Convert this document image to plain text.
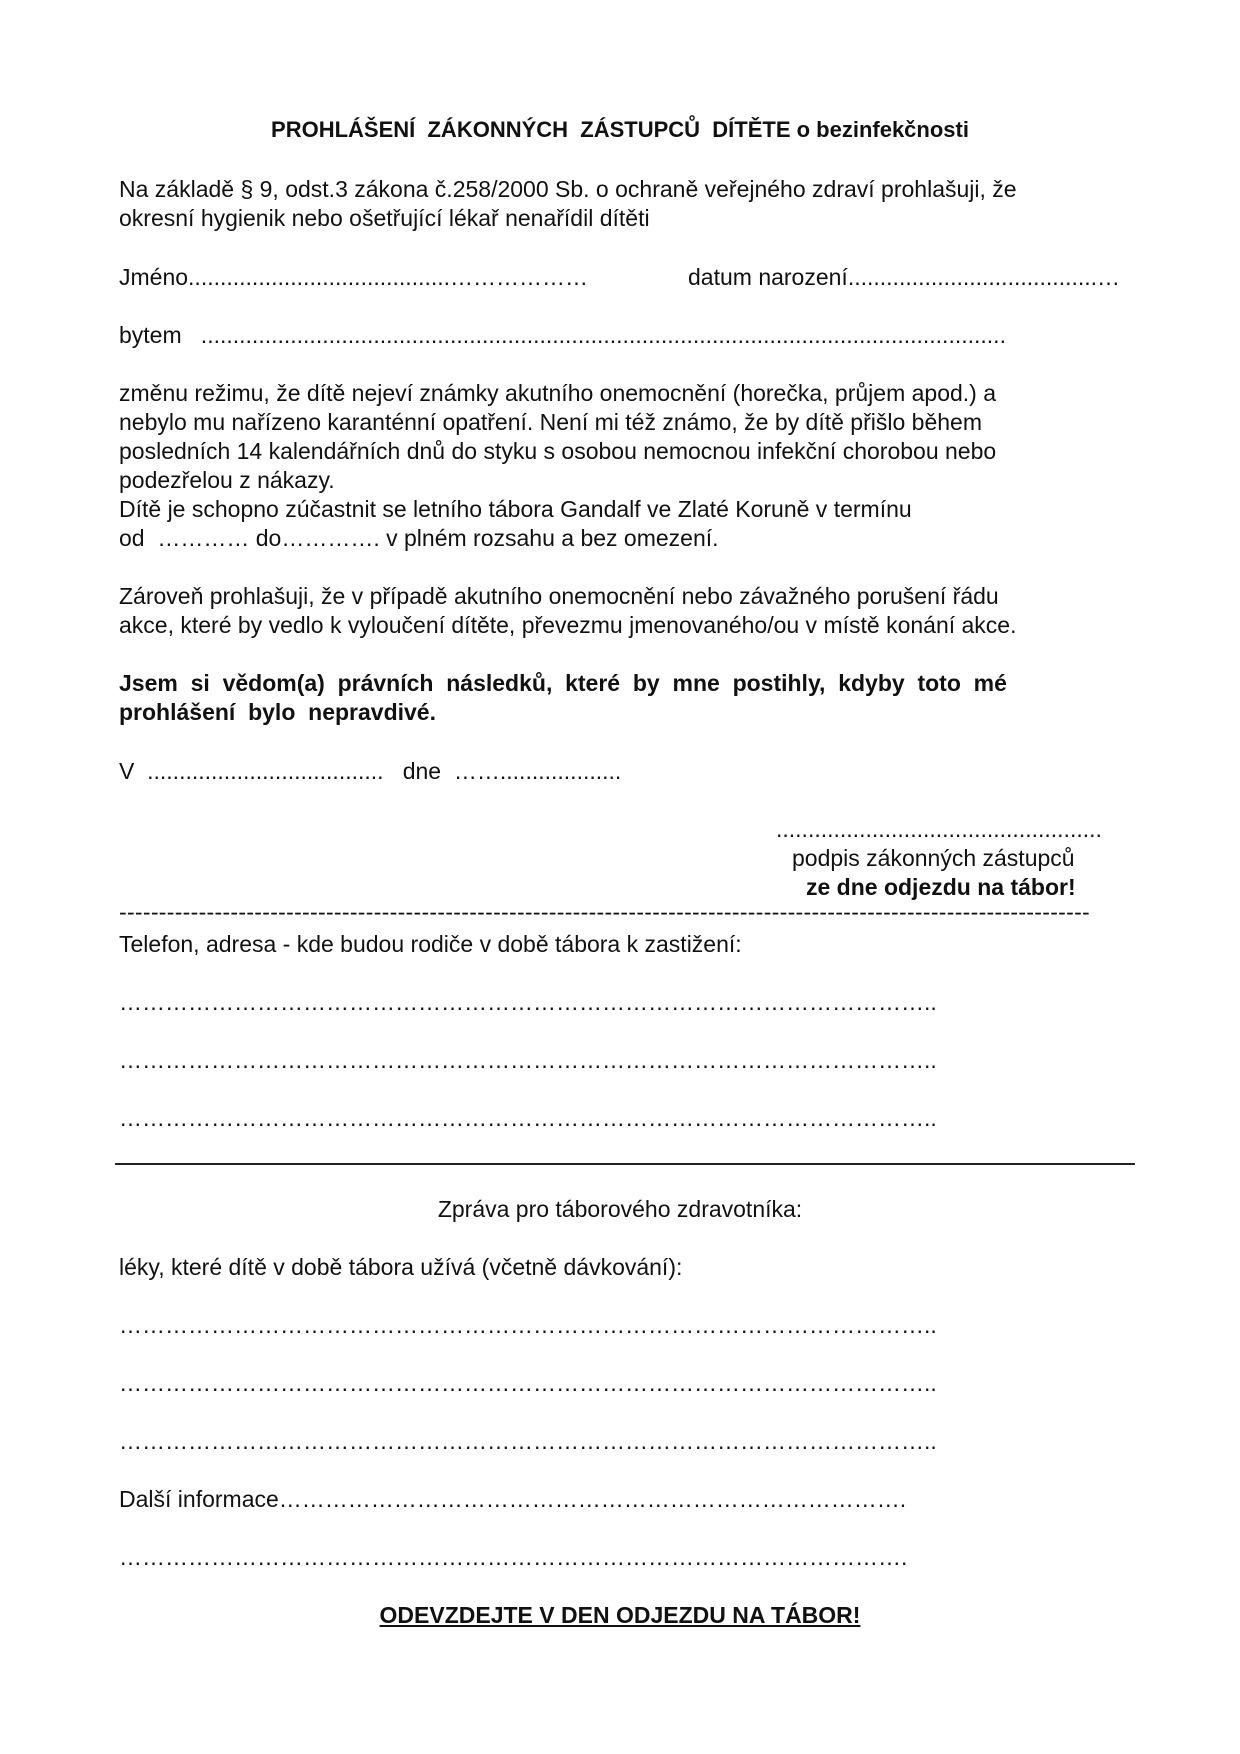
PROHLÁŠENÍ  ZÁKONNÝCH  ZÁSTUPCŮ  DÍTĚTE o bezinfekčnosti

Na základě § 9, odst.3 zákona č.258/2000 Sb. o ochraně veřejného zdraví prohlašuji, že

okresní hygienik nebo ošetřující lékař nenařídil dítěti

Jméno.........................................………………	datum narození.......................................…

bytem   ..............................................................................................................................

změnu režimu, že dítě nejeví známky akutního onemocnění (horečka, průjem apod.) a

nebylo mu nařízeno karanténní opatření. Není mi též známo, že by dítě přišlo během

posledních 14 kalendářních dnů do styku s osobou nemocnou infekční chorobou nebo

podezřelou z nákazy.

Dítě je schopno zúčastnit se letního tábora Gandalf ve Zlaté Koruně v termínu

od  ………… do…………. v plném rozsahu a bez omezení.

Zároveň prohlašuji, že v případě akutního onemocnění nebo závažného porušení řádu

akce, které by vedlo k vyloučení dítěte, převezmu jmenovaného/ou v místě konání akce.

Jsem  si  vědom(a)  právních  následků,  které  by  mne  postihly,  kdyby  toto  mé

prohlášení  bylo  nepravdivé.

V  .....................................   dne  ……...................

...................................................

podpis zákonných zástupců

ze dne odjezdu na tábor!

--------------------------------------------------------------------------------------------------------------------------

Telefon, adresa - kde budou rodiče v době tábora k zastižení:

……………………………………………………………………………………………..

……………………………………………………………………………………………..

……………………………………………………………………………………………..

Zpráva pro táborového zdravotníka:

léky, které dítě v době tábora užívá (včetně dávkování):

……………………………………………………………………………………………..

……………………………………………………………………………………………..

……………………………………………………………………………………………..

Další informace……………………………………………………………………….

………………………………………………………………………………………….

ODEVZDEJTE V DEN ODJEZDU NA TÁBOR!
